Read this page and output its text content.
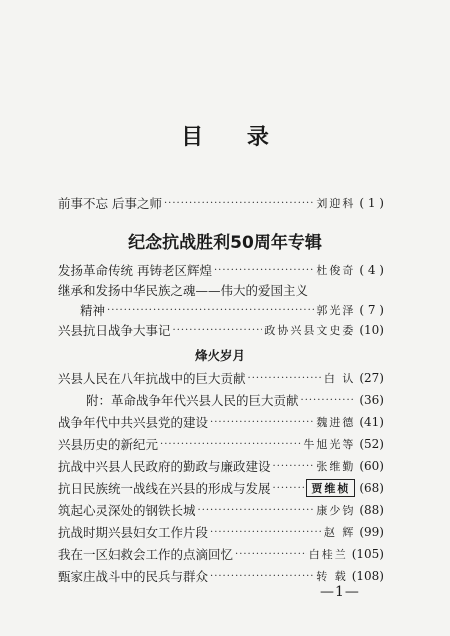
目 录
前事不忘 后事之师 ·····	刘迎科 ( 1 )
纪念抗战胜利50周年专辑
发扬革命传统 再铸老区辉煌 ·····	杜俊奇 ( 4 )
继承和发扬中华民族之魂——伟大的爱国主义
精神 ·····	郭光泽 ( 7 )
兴县抗日战争大事记 ·····	政协兴县文史委 (10)
烽火岁月
兴县人民在八年抗战中的巨大贡献 ·····	白 认 (27)
附：革命战争年代兴县人民的巨大贡献 ·····	(36)
战争年代中共兴县党的建设 ·····	魏进德 (41)
兴县历史的新纪元 ·····	牛旭光等 (52)
抗战中兴县人民政府的勤政与廉政建设 ·····	张维勤 (60)
抗日民族统一战线在兴县的形成与发展 ·····	贾维桢 (68)
筑起心灵深处的钢铁长城 ·····	康少钧 (88)
抗战时期兴县妇女工作片段 ·····	赵 辉 (99)
我在一区妇救会工作的点滴回忆 ·····	白桂兰 (105)
甄家庄战斗中的民兵与群众 ·····	转 载 (108)
—1—
